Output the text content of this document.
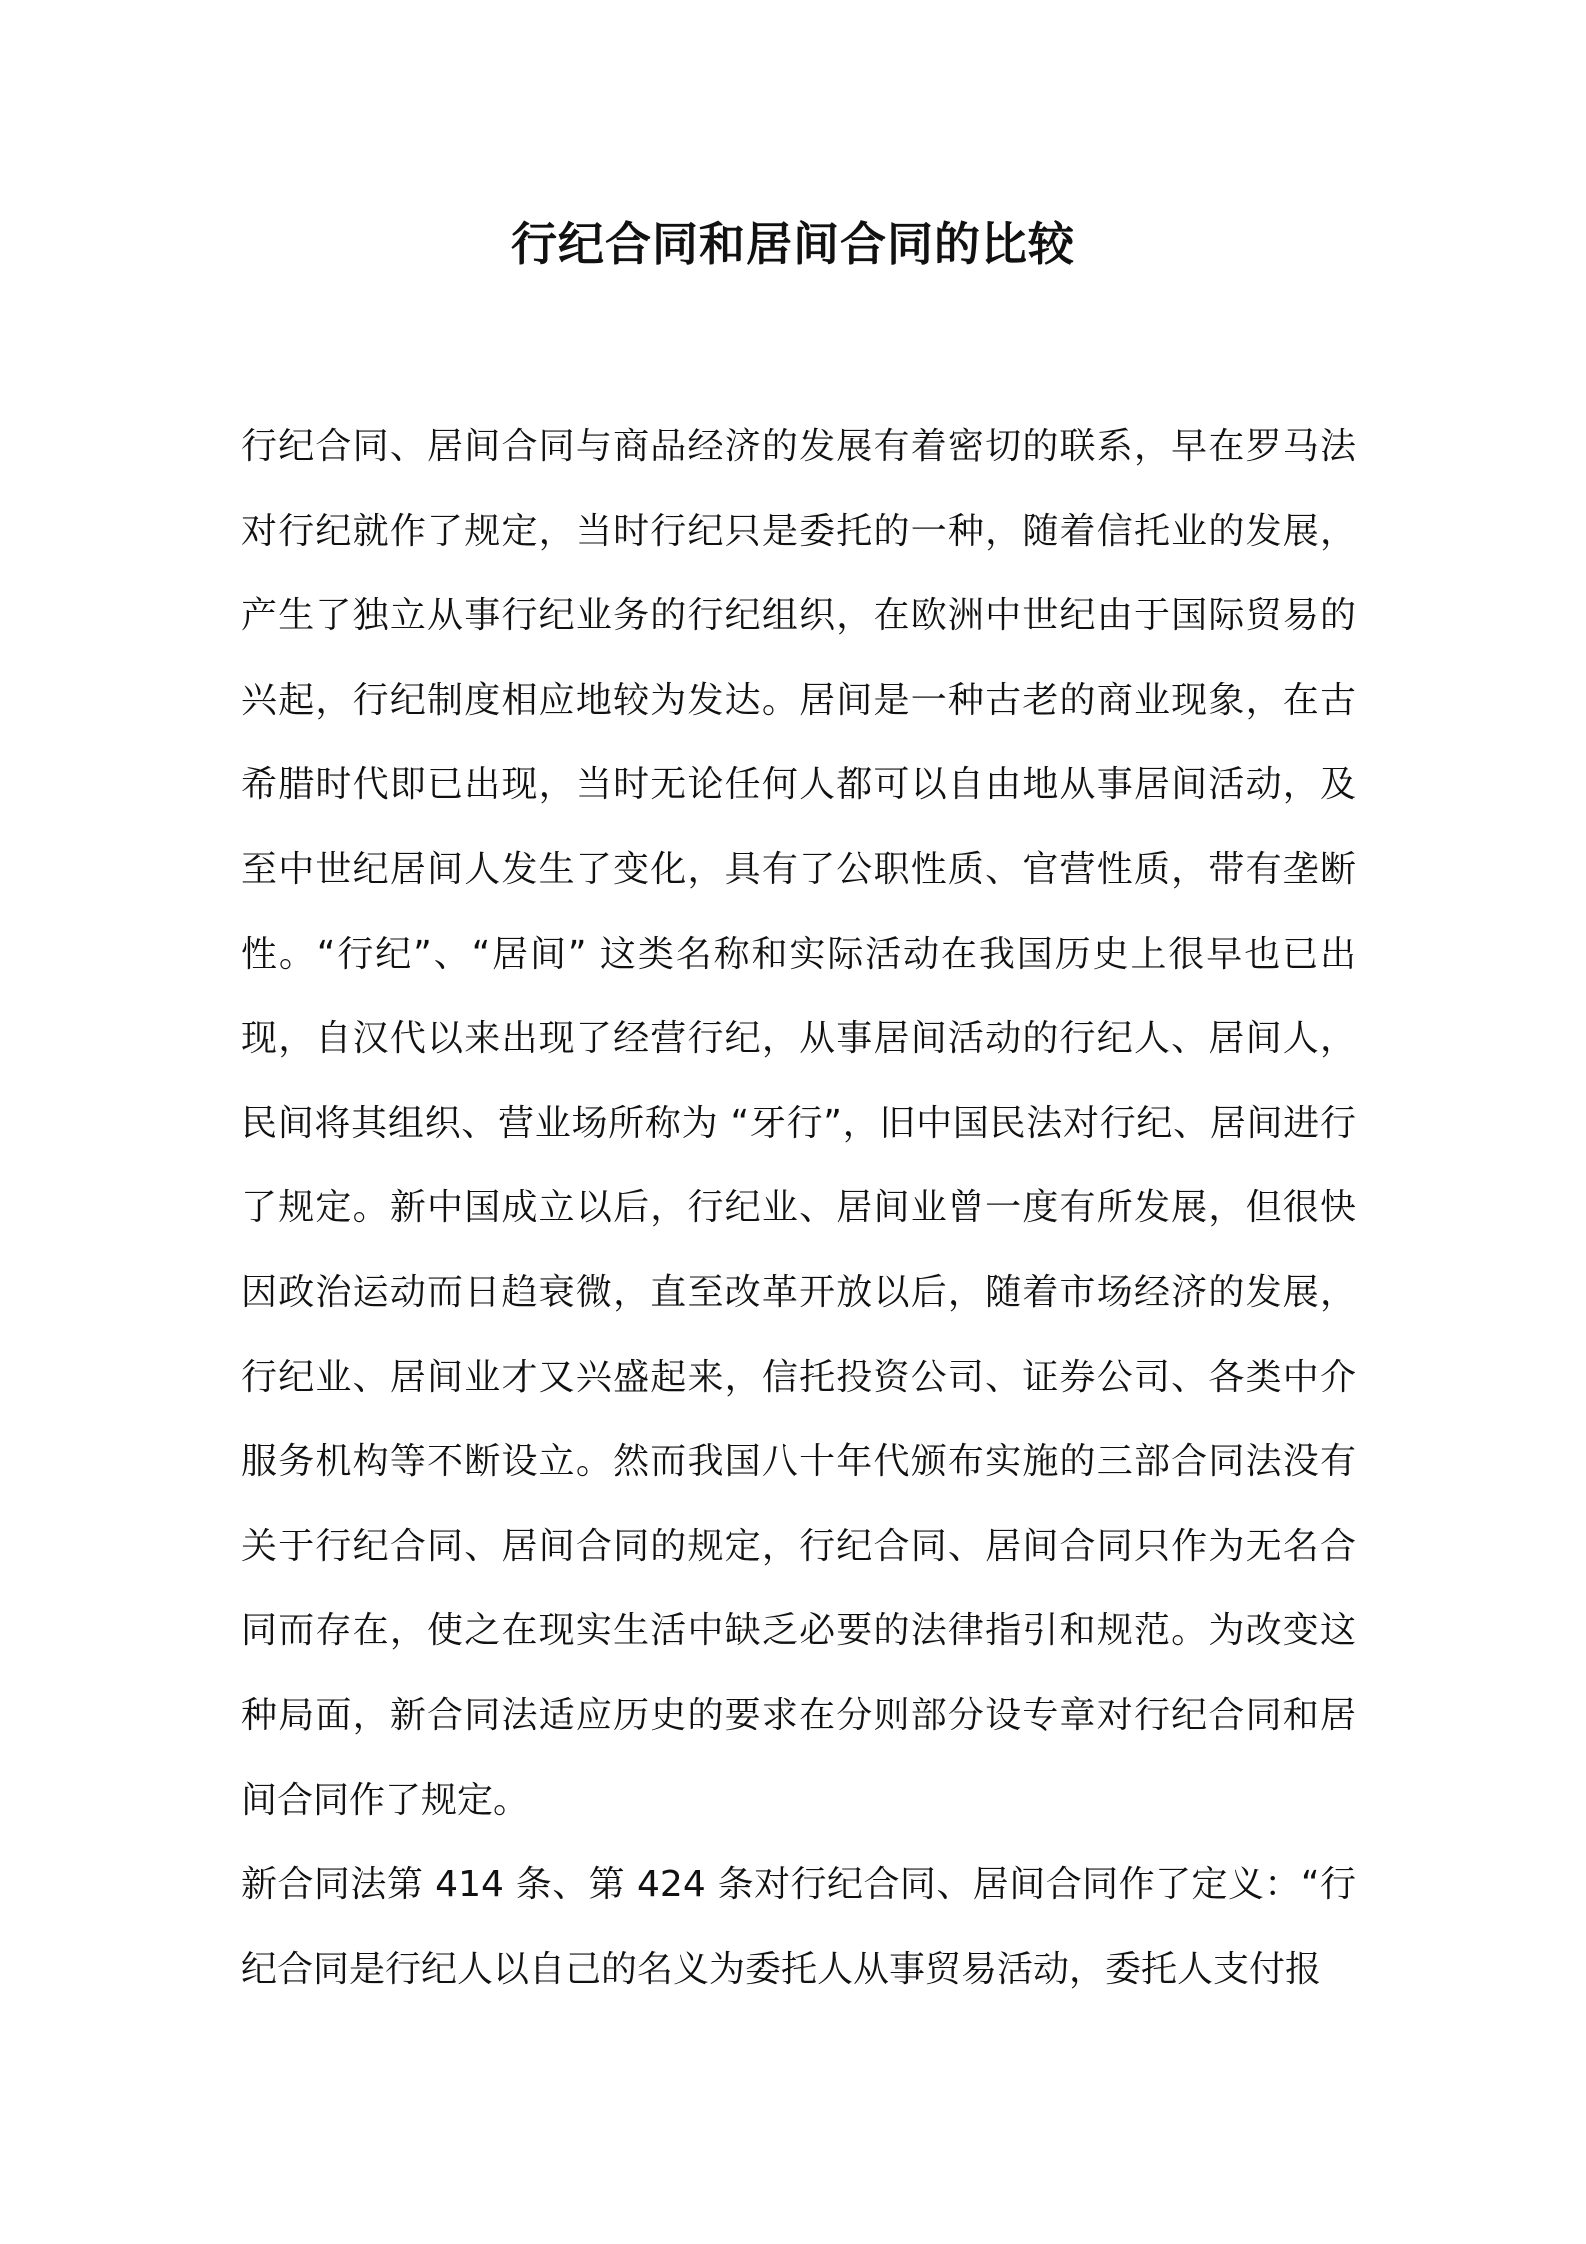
行纪合同和居间合同的比较

行纪合同、居间合同与商品经济的发展有着密切的联系，早在罗马法对行纪就作了规定，当时行纪只是委托的一种，随着信托业的发展，产生了独立从事行纪业务的行纪组织，在欧洲中世纪由于国际贸易的兴起，行纪制度相应地较为发达。居间是一种古老的商业现象，在古希腊时代即已出现，当时无论任何人都可以自由地从事居间活动，及至中世纪居间人发生了变化，具有了公职性质、官营性质，带有垄断性。“行纪”、“居间” 这类名称和实际活动在我国历史上很早也已出现，自汉代以来出现了经营行纪，从事居间活动的行纪人、居间人，民间将其组织、营业场所称为 “牙行”，旧中国民法对行纪、居间进行了规定。新中国成立以后，行纪业、居间业曾一度有所发展，但很快因政治运动而日趋衰微，直至改革开放以后，随着市场经济的发展，行纪业、居间业才又兴盛起来，信托投资公司、证券公司、各类中介服务机构等不断设立。然而我国八十年代颁布实施的三部合同法没有关于行纪合同、居间合同的规定，行纪合同、居间合同只作为无名合同而存在，使之在现实生活中缺乏必要的法律指引和规范。为改变这种局面，新合同法适应历史的要求在分则部分设专章对行纪合同和居间合同作了规定。

新合同法第 414 条、第 424 条对行纪合同、居间合同作了定义：“行纪合同是行纪人以自己的名义为委托人从事贸易活动，委托人支付报
